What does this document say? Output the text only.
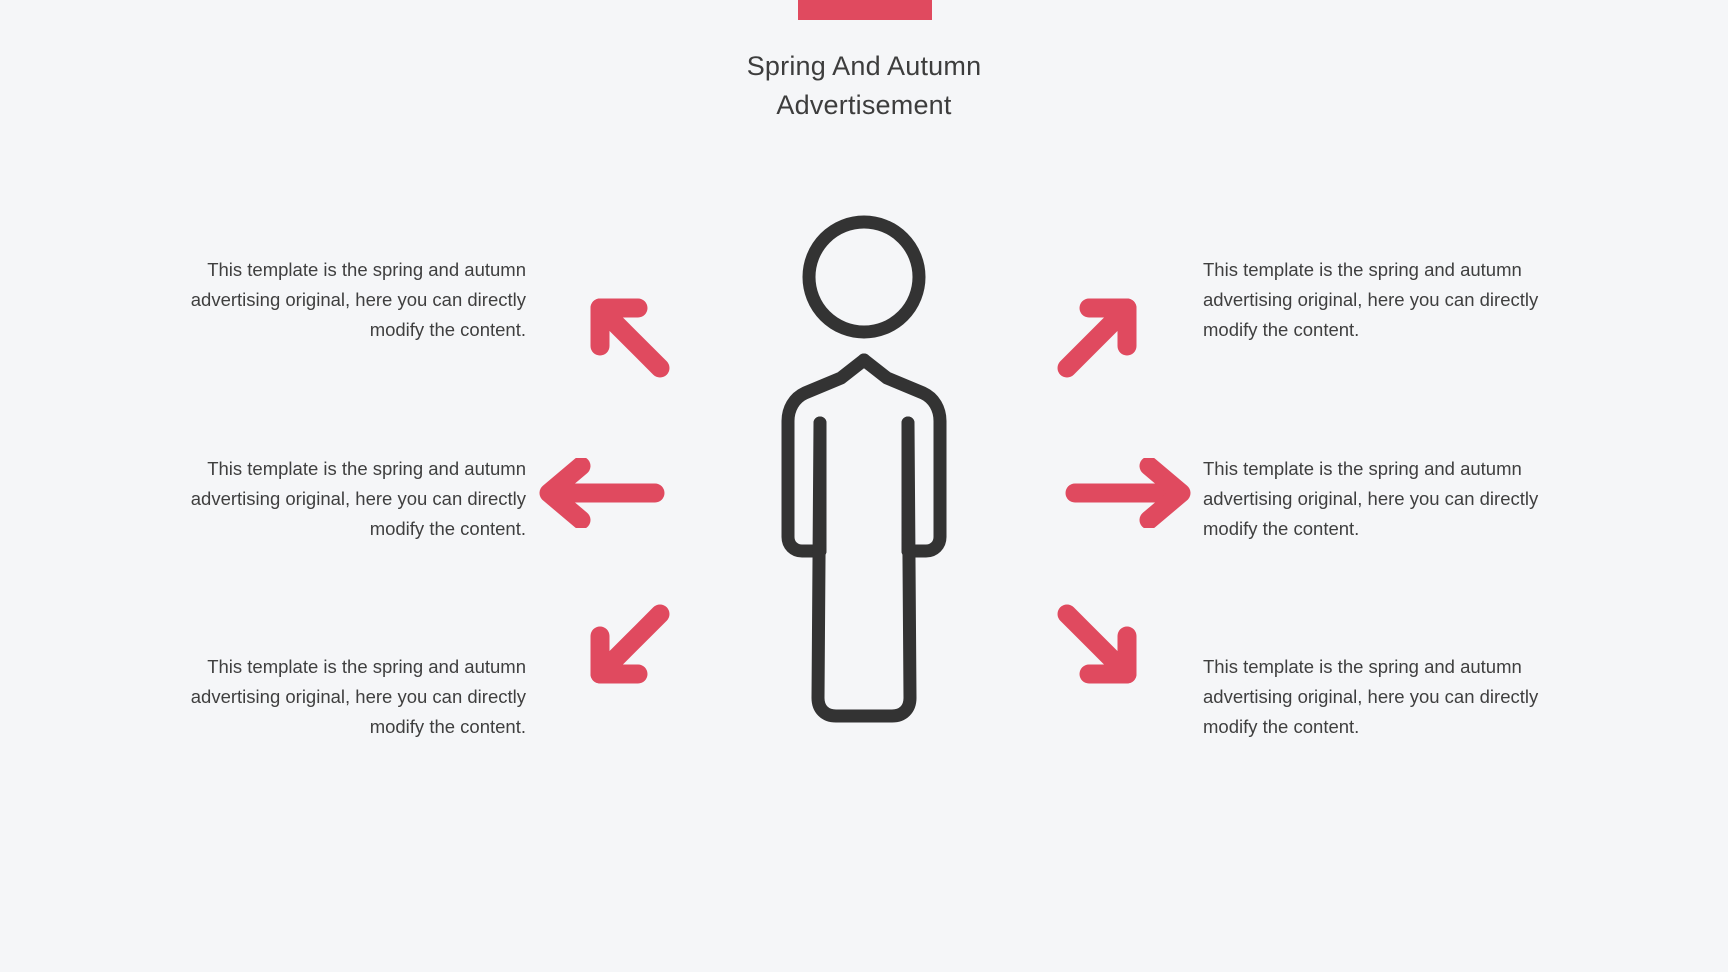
Spring And Autumn
Advertisement
This template is the spring and autumn advertising original, here you can directly modify the content.
This template is the spring and autumn advertising original, here you can directly modify the content.
This template is the spring and autumn advertising original, here you can directly modify the content.
This template is the spring and autumn advertising original, here you can directly modify the content.
This template is the spring and autumn advertising original, here you can directly modify the content.
This template is the spring and autumn advertising original, here you can directly modify the content.
